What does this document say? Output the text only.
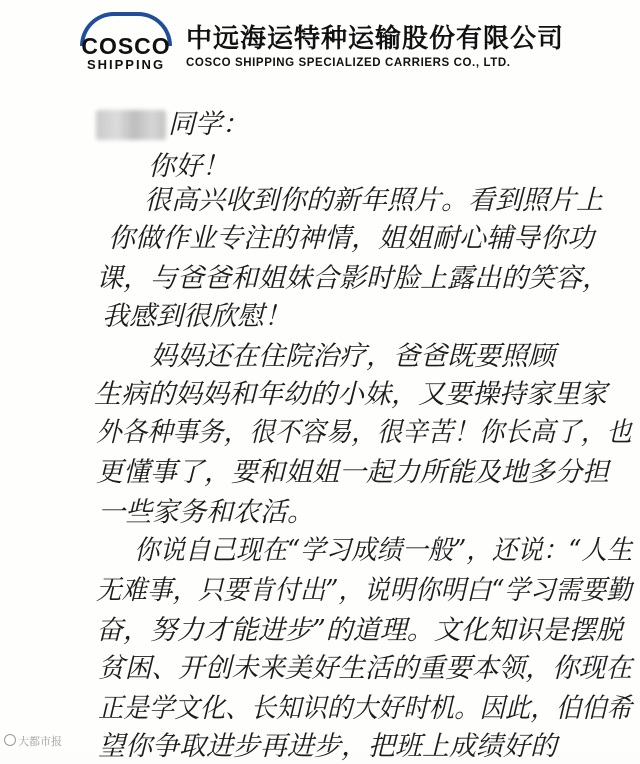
COSCO
SHIPPING
中远海运特种运输股份有限公司
COSCO SHIPPING SPECIALIZED CARRIERS CO., LTD.
同学：
你好！
很高兴收到你的新年照片。看到照片上
你做作业专注的神情，姐姐耐心辅导你功
课，与爸爸和姐妹合影时脸上露出的笑容，
我感到很欣慰！
妈妈还在住院治疗，爸爸既要照顾
生病的妈妈和年幼的小妹，又要操持家里家
外各种事务，很不容易，很辛苦！你长高了，也
更懂事了，要和姐姐一起力所能及地多分担
一些家务和农活。
你说自己现在“学习成绩一般”，还说：“人生
无难事，只要肯付出”，说明你明白“学习需要勤
奋，努力才能进步”的道理。文化知识是摆脱
贫困、开创未来美好生活的重要本领，你现在
正是学文化、长知识的大好时机。因此，伯伯希
望你争取进步再进步，把班上成绩好的
大都市报
